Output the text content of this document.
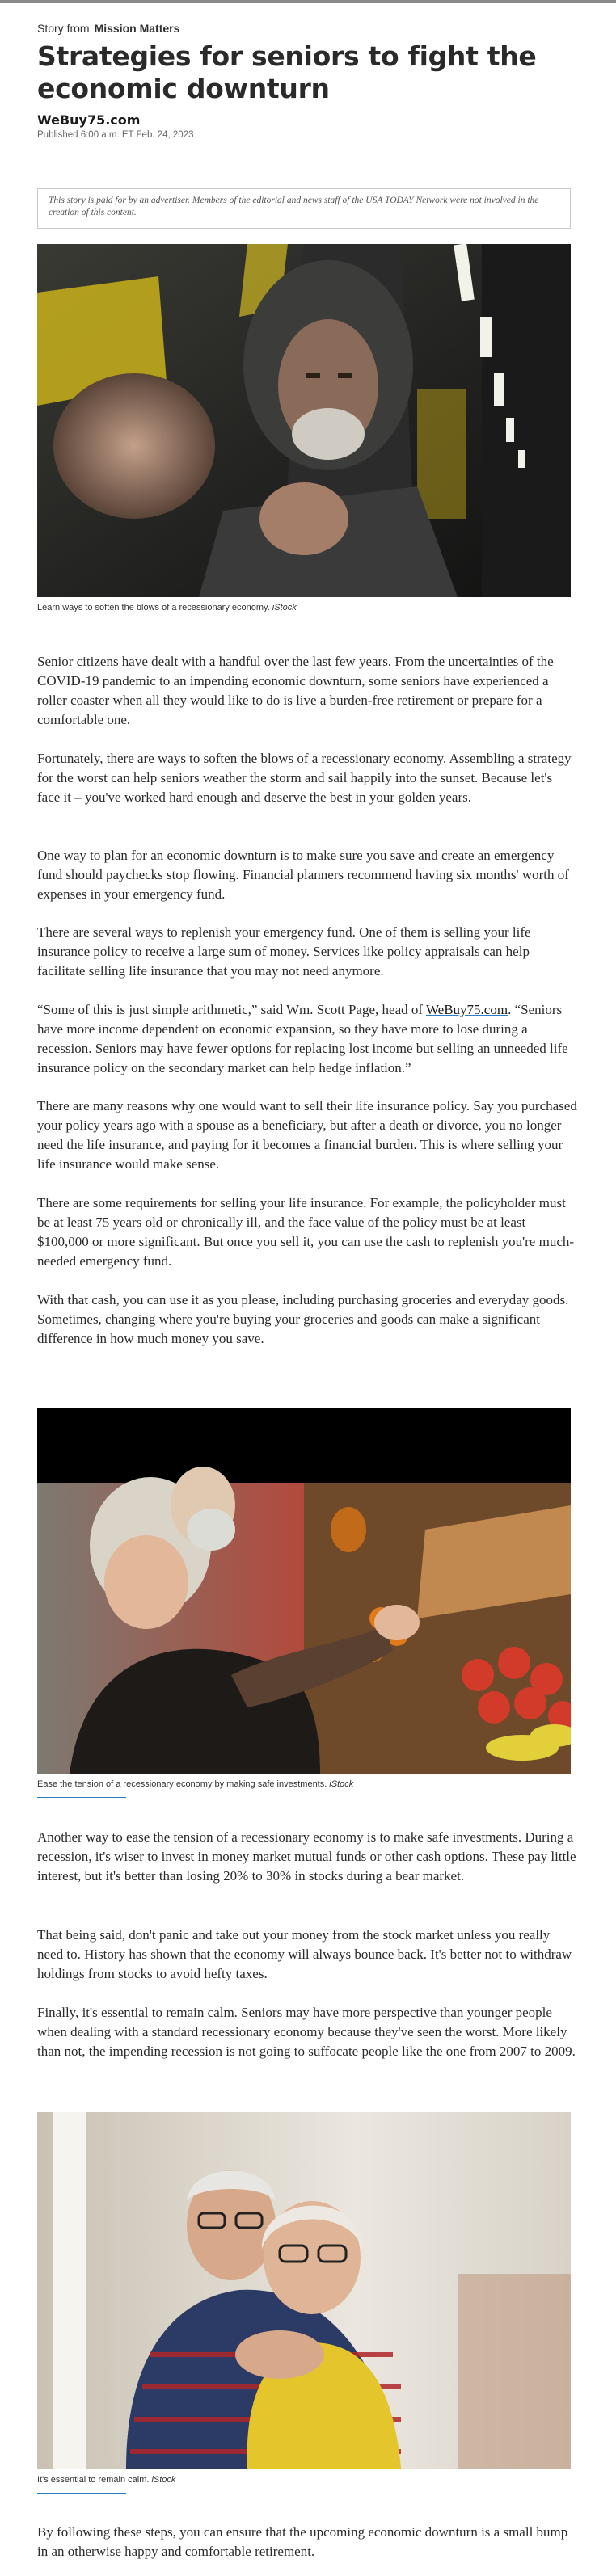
Story from Mission Matters
Strategies for seniors to fight the economic downturn
WeBuy75.com
Published 6:00 a.m. ET Feb. 24, 2023
This story is paid for by an advertiser. Members of the editorial and news staff of the USA TODAY Network were not involved in the creation of this content.
Learn ways to soften the blows of a recessionary economy. iStock

Senior citizens have dealt with a handful over the last few years. From the uncertainties of the COVID-19 pandemic to an impending economic downturn, some seniors have experienced a roller coaster when all they would like to do is live a burden-free retirement or prepare for a comfortable one.

Fortunately, there are ways to soften the blows of a recessionary economy. Assembling a strategy for the worst can help seniors weather the storm and sail happily into the sunset. Because let's face it – you've worked hard enough and deserve the best in your golden years.

One way to plan for an economic downturn is to make sure you save and create an emergency fund should paychecks stop flowing. Financial planners recommend having six months' worth of expenses in your emergency fund.

There are several ways to replenish your emergency fund. One of them is selling your life insurance policy to receive a large sum of money. Services like policy appraisals can help facilitate selling life insurance that you may not need anymore.

“Some of this is just simple arithmetic,” said Wm. Scott Page, head of WeBuy75.com. “Seniors have more income dependent on economic expansion, so they have more to lose during a recession. Seniors may have fewer options for replacing lost income but selling an unneeded life insurance policy on the secondary market can help hedge inflation.”

There are many reasons why one would want to sell their life insurance policy. Say you purchased your policy years ago with a spouse as a beneficiary, but after a death or divorce, you no longer need the life insurance, and paying for it becomes a financial burden. This is where selling your life insurance would make sense.

There are some requirements for selling your life insurance. For example, the policyholder must be at least 75 years old or chronically ill, and the face value of the policy must be at least $100,000 or more significant. But once you sell it, you can use the cash to replenish you're much-needed emergency fund.

With that cash, you can use it as you please, including purchasing groceries and everyday goods. Sometimes, changing where you're buying your groceries and goods can make a significant difference in how much money you save.

Ease the tension of a recessionary economy by making safe investments. iStock

Another way to ease the tension of a recessionary economy is to make safe investments. During a recession, it's wiser to invest in money market mutual funds or other cash options. These pay little interest, but it's better than losing 20% to 30% in stocks during a bear market.

That being said, don't panic and take out your money from the stock market unless you really need to. History has shown that the economy will always bounce back. It's better not to withdraw holdings from stocks to avoid hefty taxes.

Finally, it's essential to remain calm. Seniors may have more perspective than younger people when dealing with a standard recessionary economy because they've seen the worst. More likely than not, the impending recession is not going to suffocate people like the one from 2007 to 2009.

It's essential to remain calm. iStock

By following these steps, you can ensure that the upcoming economic downturn is a small bump in an otherwise happy and comfortable retirement.
